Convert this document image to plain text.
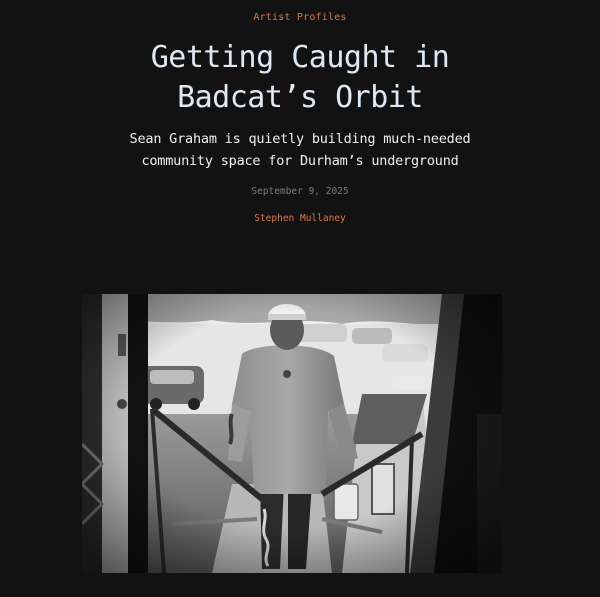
Artist Profiles
Getting Caught in
Badcat’s Orbit

Sean Graham is quietly building much-needed community space for Durham’s underground

September 9, 2025
Stephen Mullaney
